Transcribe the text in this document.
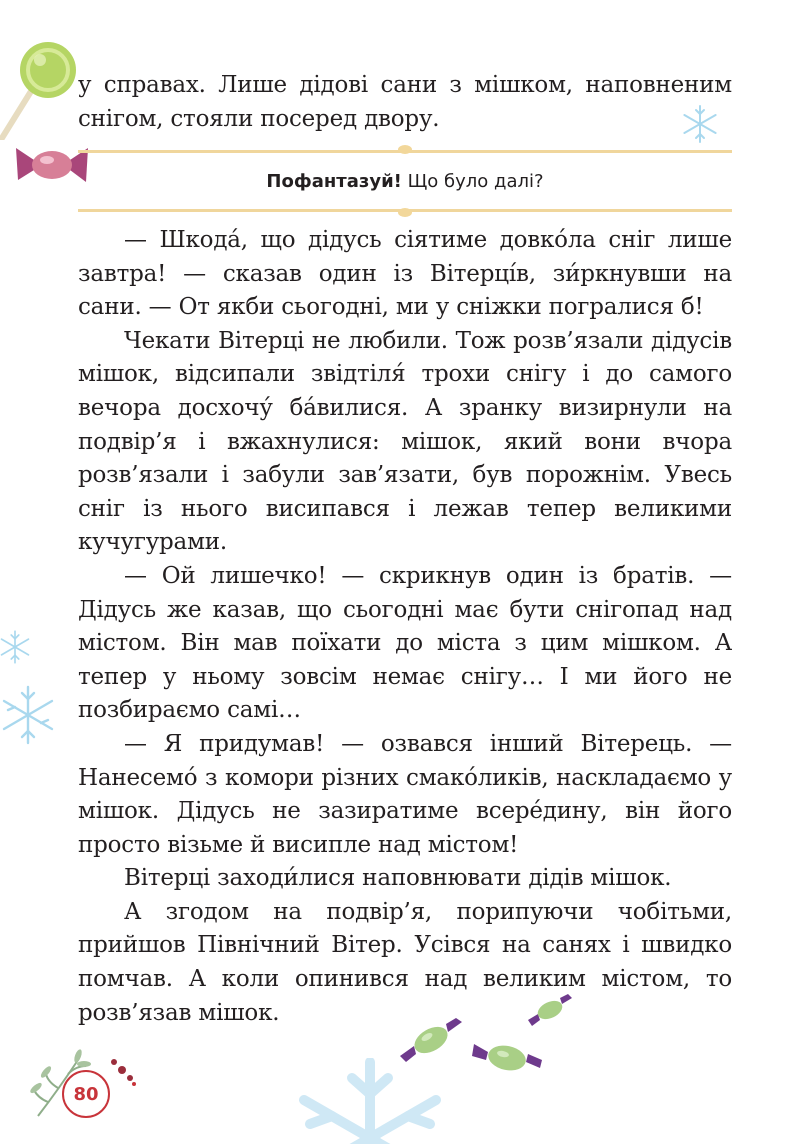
у справах. Лише дідові сани з мішком, наповненим снігом, стояли посеред двору.

Пофантазуй! Що було далі?

— Шкода́, що дідусь сіятиме довко́ла сніг лише завтра! — сказав один із Вітерці́в, зи́ркнувши на сани. — От якби сьогодні, ми у сніжки погралися б!

Чекати Вітерці не любили. Тож розв’язали дідусів мішок, відсипали звідтіля́ трохи снігу і до самого вечора досхочу́ ба́вилися. А зранку визирнули на подвір’я і вжахнулися: мішок, який вони вчора розв’язали і забули зав’язати, був порожнім. Увесь сніг із нього висипався і лежав тепер великими кучугурами.

— Ой лишечко! — скрикнув один із братів. — Дідусь же казав, що сьогодні має бути снігопад над містом. Він мав поїхати до міста з цим мішком. А тепер у ньому зовсім немає снігу… І ми його не позбираємо самі…

— Я придумав! — озвався інший Вітерець. — Нанесемо́ з комори різних смако́ликів, наскладаємо у мішок. Дідусь не зазиратиме всере́дину, він його просто візьме й висипле над містом!

Вітерці заходи́лися наповнювати дідів мішок.

А згодом на подвір’я, порипуючи чобітьми, прийшов Північний Вітер. Усівся на санях і швидко помчав. А коли опинився над великим містом, то розв’язав мішок.

80
